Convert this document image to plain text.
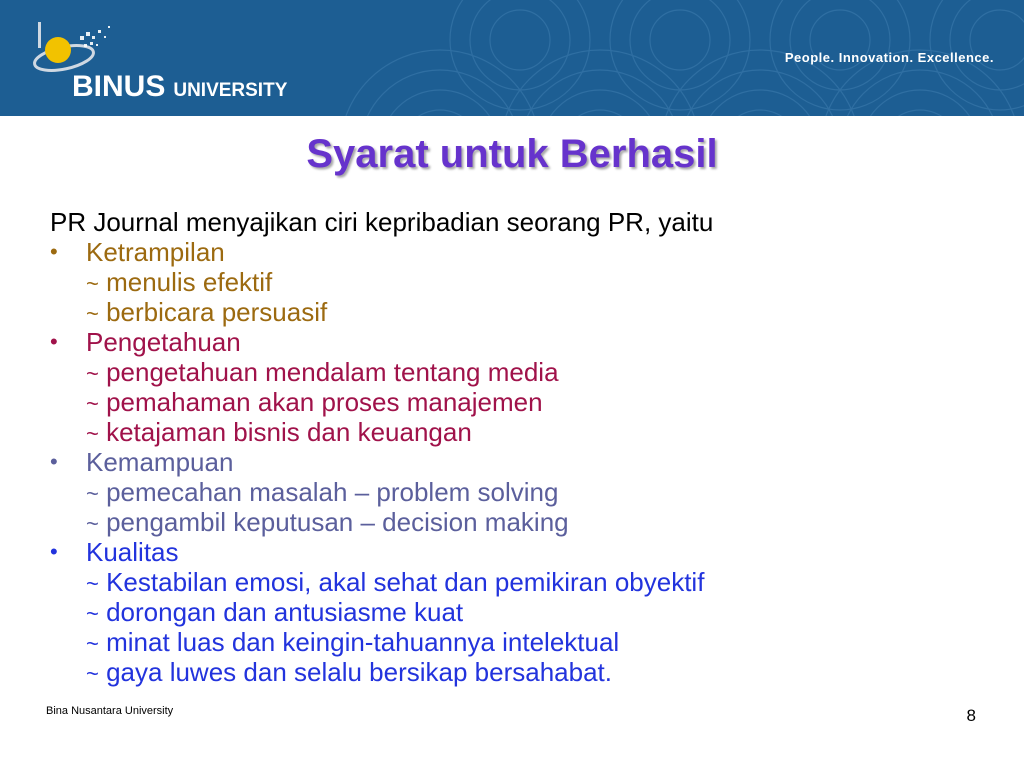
BINUS UNIVERSITY
People. Innovation. Excellence.
Syarat untuk Berhasil
PR Journal menyajikan ciri kepribadian seorang PR, yaitu
• Ketrampilan
~ menulis efektif
~ berbicara persuasif
• Pengetahuan
~ pengetahuan mendalam tentang media
~ pemahaman akan proses manajemen
~ ketajaman bisnis dan keuangan
• Kemampuan
~ pemecahan masalah – problem solving
~ pengambil keputusan – decision making
• Kualitas
~ Kestabilan emosi, akal sehat dan pemikiran obyektif
~ dorongan dan antusiasme kuat
~ minat luas dan keingin-tahuannya intelektual
~ gaya luwes dan selalu bersikap bersahabat.
Bina Nusantara University	8
